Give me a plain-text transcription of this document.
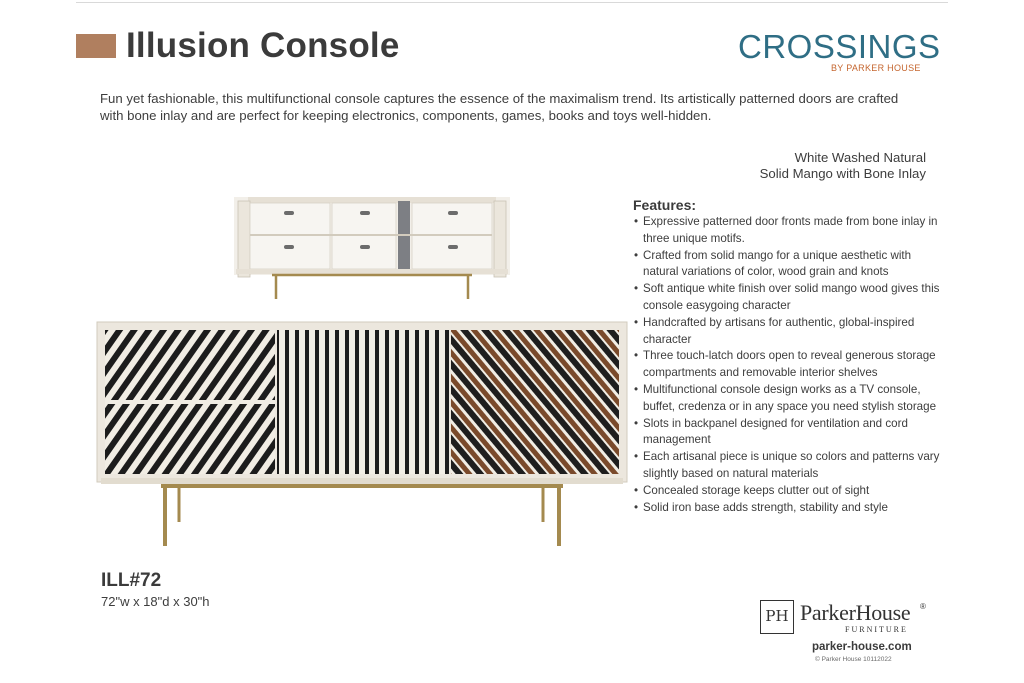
Illusion Console	CROSSINGS
BY PARKER HOUSE
Fun yet fashionable, this multifunctional console captures the essence of the maximalism trend. Its artistically patterned doors are crafted with bone inlay and are perfect for keeping electronics, components, games, books and toys well-hidden.
White Washed Natural
Solid Mango with Bone Inlay
ILL#72
72"w x 18"d x 30"h
Features:
• Expressive patterned door fronts made from bone inlay in three unique motifs.
• Crafted from solid mango for a unique aesthetic with natural variations of color, wood grain and knots
• Soft antique white finish over solid mango wood gives this console easygoing character
• Handcrafted by artisans for authentic, global-inspired character
• Three touch-latch doors open to reveal generous storage compartments and removable interior shelves
• Multifunctional console design works as a TV console, buffet, credenza or in any space you need stylish storage
• Slots in backpanel designed for ventilation and cord management
• Each artisanal piece is unique so colors and patterns vary slightly based on natural materials
• Concealed storage keeps clutter out of sight
• Solid iron base adds strength, stability and style
PH ParkerHouse ®
FURNITURE
parker-house.com
© Parker House 10112022
